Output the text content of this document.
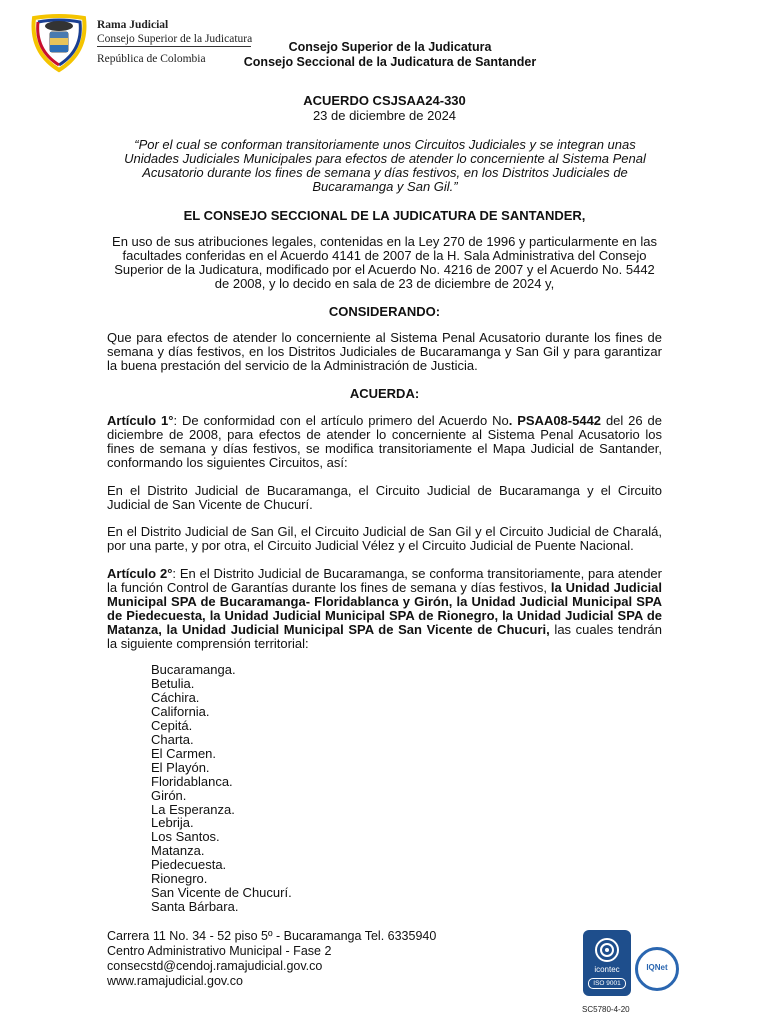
Rama Judicial
Consejo Superior de la Judicatura
República de Colombia
Consejo Superior de la Judicatura
Consejo Seccional de la Judicatura de Santander
ACUERDO CSJSAA24-330
23 de diciembre de 2024
“Por el cual se conforman transitoriamente unos Circuitos Judiciales y se integran unas Unidades Judiciales Municipales para efectos de atender lo concerniente al Sistema Penal Acusatorio durante los fines de semana y días festivos, en los Distritos Judiciales de Bucaramanga y San Gil.”
EL CONSEJO SECCIONAL DE LA JUDICATURA DE SANTANDER,
En uso de sus atribuciones legales, contenidas en la Ley 270 de 1996 y particularmente en las facultades conferidas en el Acuerdo 4141 de 2007 de la H. Sala Administrativa del Consejo Superior de la Judicatura, modificado por el Acuerdo No. 4216 de 2007 y el Acuerdo No. 5442 de 2008, y lo decido en sala de 23 de diciembre de 2024 y,
CONSIDERANDO:
Que para efectos de atender lo concerniente al Sistema Penal Acusatorio durante los fines de semana y días festivos, en los Distritos Judiciales de Bucaramanga y San Gil y para garantizar la buena prestación del servicio de la Administración de Justicia.
ACUERDA:
Artículo 1°: De conformidad con el artículo primero del Acuerdo No. PSAA08-5442 del 26 de diciembre de 2008, para efectos de atender lo concerniente al Sistema Penal Acusatorio los fines de semana y días festivos, se modifica transitoriamente el Mapa Judicial de Santander, conformando los siguientes Circuitos, así:
En el Distrito Judicial de Bucaramanga, el Circuito Judicial de Bucaramanga y el Circuito Judicial de San Vicente de Chucurí.
En el Distrito Judicial de San Gil, el Circuito Judicial de San Gil y el Circuito Judicial de Charalá, por una parte, y por otra, el Circuito Judicial Vélez y el Circuito Judicial de Puente Nacional.
Artículo 2°: En el Distrito Judicial de Bucaramanga, se conforma transitoriamente, para atender la función Control de Garantías durante los fines de semana y días festivos, la Unidad Judicial Municipal SPA de Bucaramanga- Floridablanca y Girón, la Unidad Judicial Municipal SPA de Piedecuesta, la Unidad Judicial Municipal SPA de Rionegro, la Unidad Judicial SPA de Matanza, la Unidad Judicial Municipal SPA de San Vicente de Chucuri, las cuales tendrán la siguiente comprensión territorial:
Bucaramanga.
Betulia.
Cáchira.
California.
Cepitá.
Charta.
El Carmen.
El Playón.
Floridablanca.
Girón.
La Esperanza.
Lebrija.
Los Santos.
Matanza.
Piedecuesta.
Rionegro.
San Vicente de Chucurí.
Santa Bárbara.
Carrera 11 No. 34 - 52 piso 5º - Bucaramanga Tel. 6335940
Centro Administrativo Municipal - Fase 2
consecstd@cendoj.ramajudicial.gov.co
www.ramajudicial.gov.co
icontec
ISO 9001
SC5780-4-20
IQNet
